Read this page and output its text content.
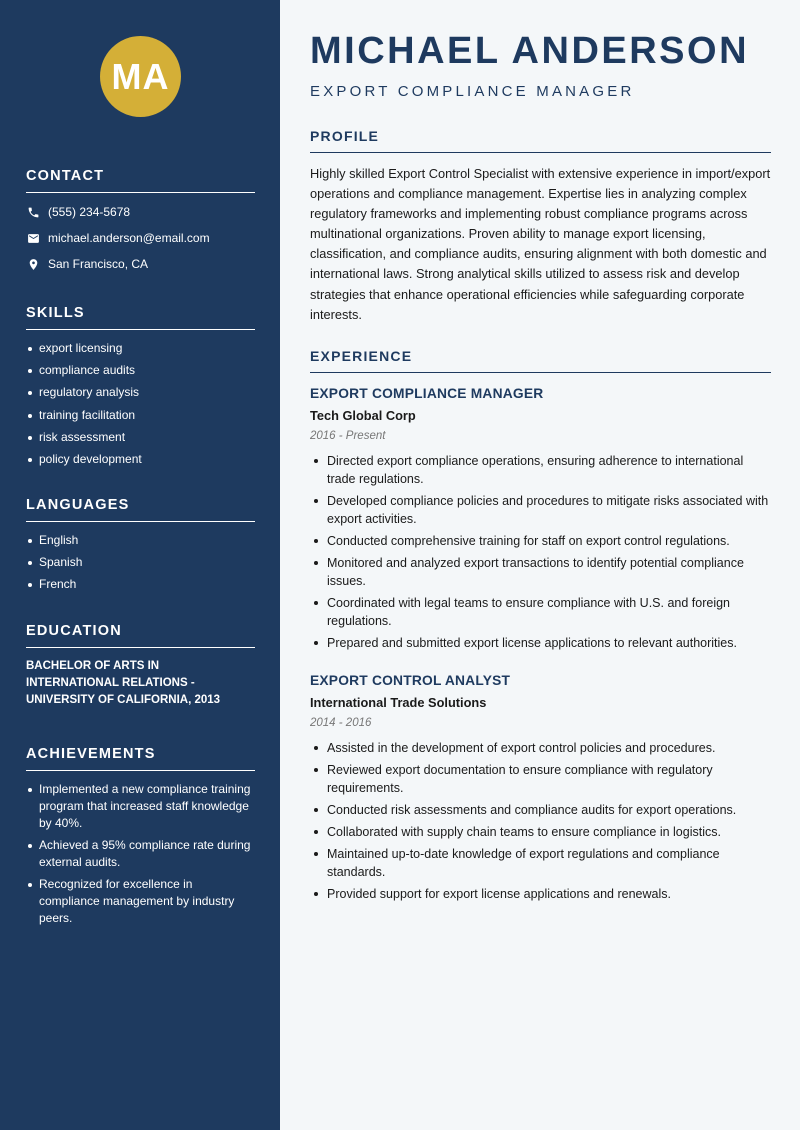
MA
CONTACT
(555) 234-5678
michael.anderson@email.com
San Francisco, CA
SKILLS
export licensing
compliance audits
regulatory analysis
training facilitation
risk assessment
policy development
LANGUAGES
English
Spanish
French
EDUCATION
BACHELOR OF ARTS IN INTERNATIONAL RELATIONS - UNIVERSITY OF CALIFORNIA, 2013
ACHIEVEMENTS
Implemented a new compliance training program that increased staff knowledge by 40%.
Achieved a 95% compliance rate during external audits.
Recognized for excellence in compliance management by industry peers.
MICHAEL ANDERSON
EXPORT COMPLIANCE MANAGER
PROFILE

Highly skilled Export Control Specialist with extensive experience in import/export operations and compliance management. Expertise lies in analyzing complex regulatory frameworks and implementing robust compliance programs across multinational organizations. Proven ability to manage export licensing, classification, and compliance audits, ensuring alignment with both domestic and international laws. Strong analytical skills utilized to assess risk and develop strategies that enhance operational efficiencies while safeguarding corporate interests.

EXPERIENCE
EXPORT COMPLIANCE MANAGER
Tech Global Corp
2016 - Present
Directed export compliance operations, ensuring adherence to international trade regulations.
Developed compliance policies and procedures to mitigate risks associated with export activities.
Conducted comprehensive training for staff on export control regulations.
Monitored and analyzed export transactions to identify potential compliance issues.
Coordinated with legal teams to ensure compliance with U.S. and foreign regulations.
Prepared and submitted export license applications to relevant authorities.
EXPORT CONTROL ANALYST
International Trade Solutions
2014 - 2016
Assisted in the development of export control policies and procedures.
Reviewed export documentation to ensure compliance with regulatory requirements.
Conducted risk assessments and compliance audits for export operations.
Collaborated with supply chain teams to ensure compliance in logistics.
Maintained up-to-date knowledge of export regulations and compliance standards.
Provided support for export license applications and renewals.
